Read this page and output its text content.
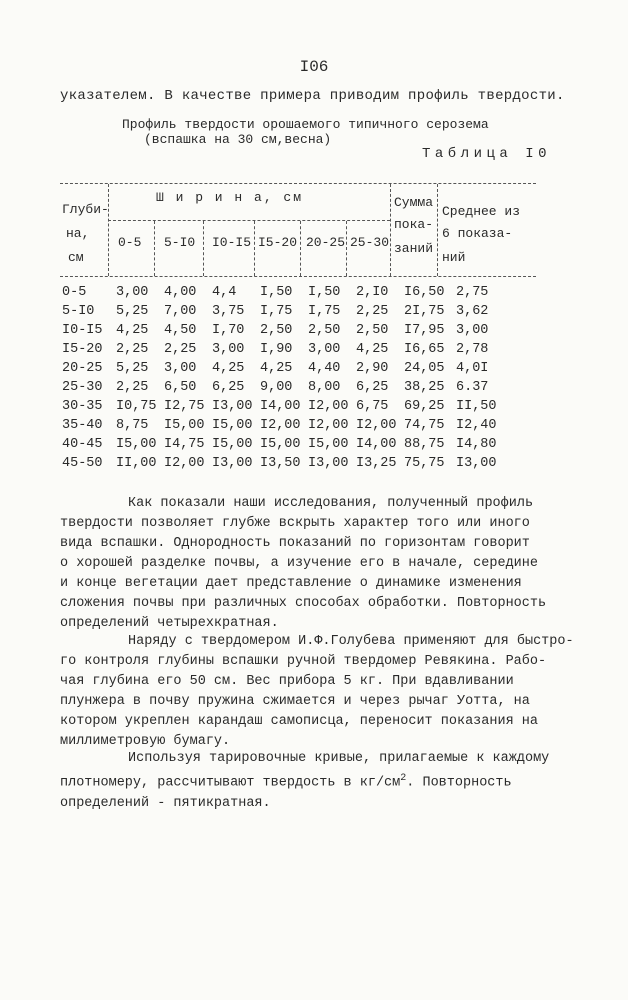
I06
указателем. В качестве примера приводим профиль твердости.
Профиль твердости орошаемого типичного серозема
(вспашка на 30 см,весна)
Таблица I0
Глуби-
на,
см
Ш и р и н а, см
0-5 5-I0 I0-I5 I5-20 20-25 25-30
Сумма
пока-
заний
Среднее из
6 показа-
ний
0-5	3,00	4,00	4,4	I,50	I,50	2,I0	I6,50 2,75
5-I0	5,25	7,00	3,75	I,75	I,75	2,25	2I,75 3,62
I0-I5 4,25	4,50	I,70	2,50	2,50	2,50	I7,95 3,00
I5-20 2,25	2,25	3,00	I,90	3,00	4,25	I6,65 2,78
20-25 5,25	3,00	4,25	4,25	4,40	2,90	24,05 4,0I
25-30 2,25	6,50	6,25	9,00	8,00	6,25	38,25 6.37
30-35 I0,75 I2,75 I3,00 I4,00 I2,00 6,75	69,25 II,50
35-40 8,75	I5,00 I5,00 I2,00 I2,00 I2,00 74,75 I2,40
40-45 I5,00 I4,75 I5,00 I5,00 I5,00 I4,00 88,75 I4,80
45-50 II,00 I2,00 I3,00 I3,50 I3,00 I3,25 75,75 I3,00
Как показали наши исследования, полученный профиль
твердости позволяет глубже вскрыть характер того или иного
вида вспашки. Однородность показаний по горизонтам говорит
о хорошей разделке почвы, а изучение его в начале, середине
и конце вегетации дает представление о динамике изменения
сложения почвы при различных способах обработки. Повторность
определений четырехкратная.
Наряду с твердомером И.Ф.Голубева применяют для быстро-
го контроля глубины вспашки ручной твердомер Ревякина. Рабо-
чая глубина его 50 см. Вес прибора 5 кг. При вдавливании
плунжера в почву пружина сжимается и через рычаг Уотта, на
котором укреплен карандаш самописца, переносит показания на
миллиметровую бумагу.
Используя тарировочные кривые, прилагаемые к каждому
плотномеру, рассчитывают твердость в $кг/см^2$. Повторность
определений - пятикратная.
